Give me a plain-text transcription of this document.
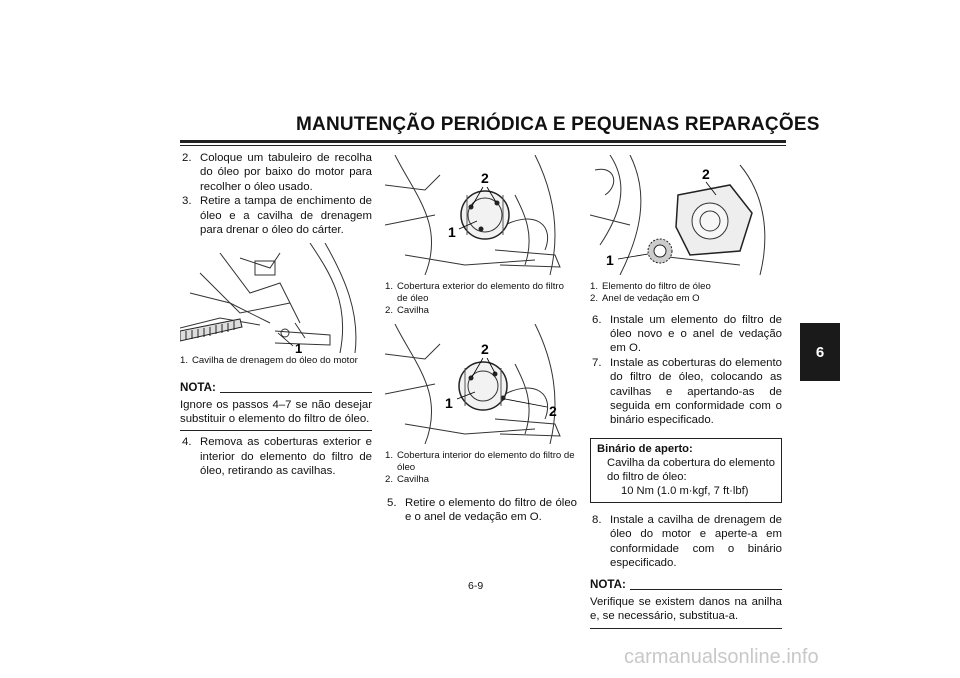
MANUTENÇÃO PERIÓDICA E PEQUENAS REPARAÇÕES
6
2. Coloque um tabuleiro de recolha do óleo por baixo do motor para recolher o óleo usado.
3. Retire a tampa de enchimento de óleo e a cavilha de drenagem para drenar o óleo do cárter.
1
1. Cavilha de drenagem do óleo do motor
NOTA:
Ignore os passos 4–7 se não desejar substituir o elemento do filtro de óleo.
4. Remova as coberturas exterior e interior do elemento do filtro de óleo, retirando as cavilhas.
2
1
1. Cobertura exterior do elemento do filtro de óleo
2. Cavilha
2
2
1
1. Cobertura interior do elemento do filtro de óleo
2. Cavilha
5. Retire o elemento do filtro de óleo e o anel de vedação em O.
2
1
1. Elemento do filtro de óleo
2. Anel de vedação em O
6. Instale um elemento do filtro de óleo novo e o anel de vedação em O.
7. Instale as coberturas do elemento do filtro de óleo, colocando as cavilhas e apertando-as de seguida em conformidade com o binário especificado.
Binário de aperto:
Cavilha da cobertura do elemento do filtro de óleo:
10 Nm (1.0 m·kgf, 7 ft·lbf)
8. Instale a cavilha de drenagem de óleo do motor e aperte-a em conformidade com o binário especificado.
NOTA:
Verifique se existem danos na anilha e, se necessário, substitua-a.
6-9
carmanualsonline.info
